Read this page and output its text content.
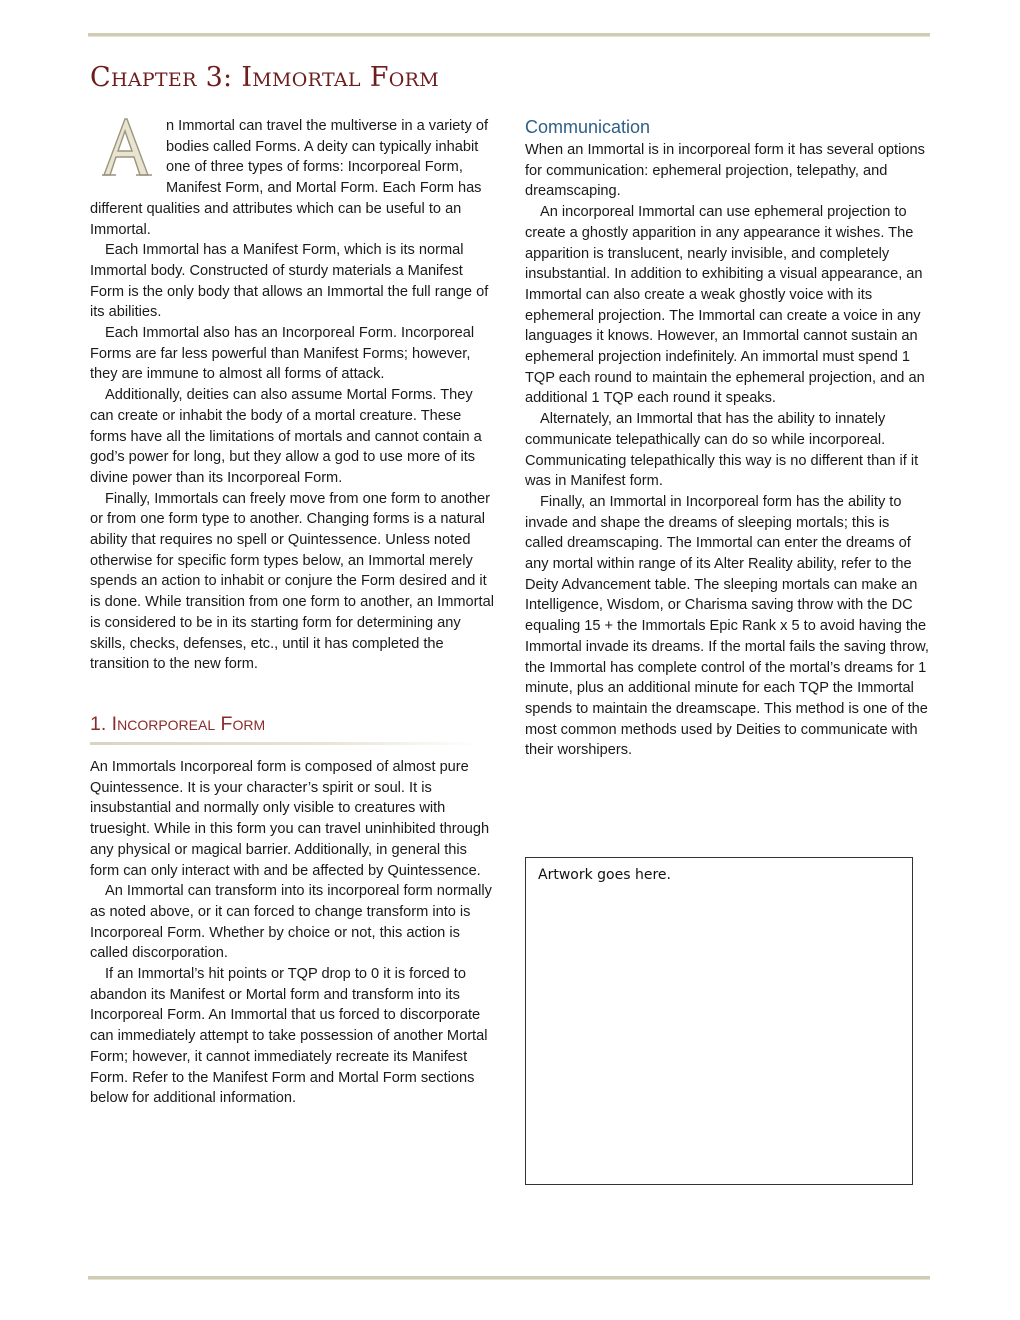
Chapter 3: Immortal Form

n Immortal can travel the multiverse in a variety of bodies called Forms. A deity can typically inhabit one of three types of forms: Incorporeal Form, Manifest Form, and Mortal Form. Each Form has different qualities and attributes which can be useful to an Immortal.

Each Immortal has a Manifest Form, which is its normal Immortal body. Constructed of sturdy materials a Manifest Form is the only body that allows an Immortal the full range of its abilities.

Each Immortal also has an Incorporeal Form. Incorporeal Forms are far less powerful than Manifest Forms; however, they are immune to almost all forms of attack.

Additionally, deities can also assume Mortal Forms. They can create or inhabit the body of a mortal creature. These forms have all the limitations of mortals and cannot contain a god’s power for long, but they allow a god to use more of its divine power than its Incorporeal Form.

Finally, Immortals can freely move from one form to another or from one form type to another. Changing forms is a natural ability that requires no spell or Quintessence. Unless noted otherwise for specific form types below, an Immortal merely spends an action to inhabit or conjure the Form desired and it is done. While transition from one form to another, an Immortal is considered to be in its starting form for determining any skills, checks, defenses, etc., until it has completed the transition to the new form.

1. Incorporeal Form

An Immortals Incorporeal form is composed of almost pure Quintessence. It is your character’s spirit or soul. It is insubstantial and normally only visible to creatures with truesight. While in this form you can travel uninhibited through any physical or magical barrier. Additionally, in general this form can only interact with and be affected by Quintessence.

An Immortal can transform into its incorporeal form normally as noted above, or it can forced to change transform into is Incorporeal Form. Whether by choice or not, this action is called discorporation.

If an Immortal’s hit points or TQP drop to 0 it is forced to abandon its Manifest or Mortal form and transform into its Incorporeal Form. An Immortal that us forced to discorporate can immediately attempt to take possession of another Mortal Form; however, it cannot immediately recreate its Manifest Form. Refer to the Manifest Form and Mortal Form sections below for additional information.

Communication

When an Immortal is in incorporeal form it has several options for communication: ephemeral projection, telepathy, and dreamscaping.

An incorporeal Immortal can use ephemeral projection to create a ghostly apparition in any appearance it wishes. The apparition is translucent, nearly invisible, and completely insubstantial. In addition to exhibiting a visual appearance, an Immortal can also create a weak ghostly voice with its ephemeral projection. The Immortal can create a voice in any languages it knows. However, an Immortal cannot sustain an ephemeral projection indefinitely. An immortal must spend 1 TQP each round to maintain the ephemeral projection, and an additional 1 TQP each round it speaks.

Alternately, an Immortal that has the ability to innately communicate telepathically can do so while incorporeal. Communicating telepathically this way is no different than if it was in Manifest form.

Finally, an Immortal in Incorporeal form has the ability to invade and shape the dreams of sleeping mortals; this is called dreamscaping. The Immortal can enter the dreams of any mortal within range of its Alter Reality ability, refer to the Deity Advancement table. The sleeping mortals can make an Intelligence, Wisdom, or Charisma saving throw with the DC equaling 15 + the Immortals Epic Rank x 5 to avoid having the Immortal invade its dreams. If the mortal fails the saving throw, the Immortal has complete control of the mortal’s dreams for 1 minute, plus an additional minute for each TQP the Immortal spends to maintain the dreamscape. This method is one of the most common methods used by Deities to communicate with their worshipers.

Artwork goes here.
